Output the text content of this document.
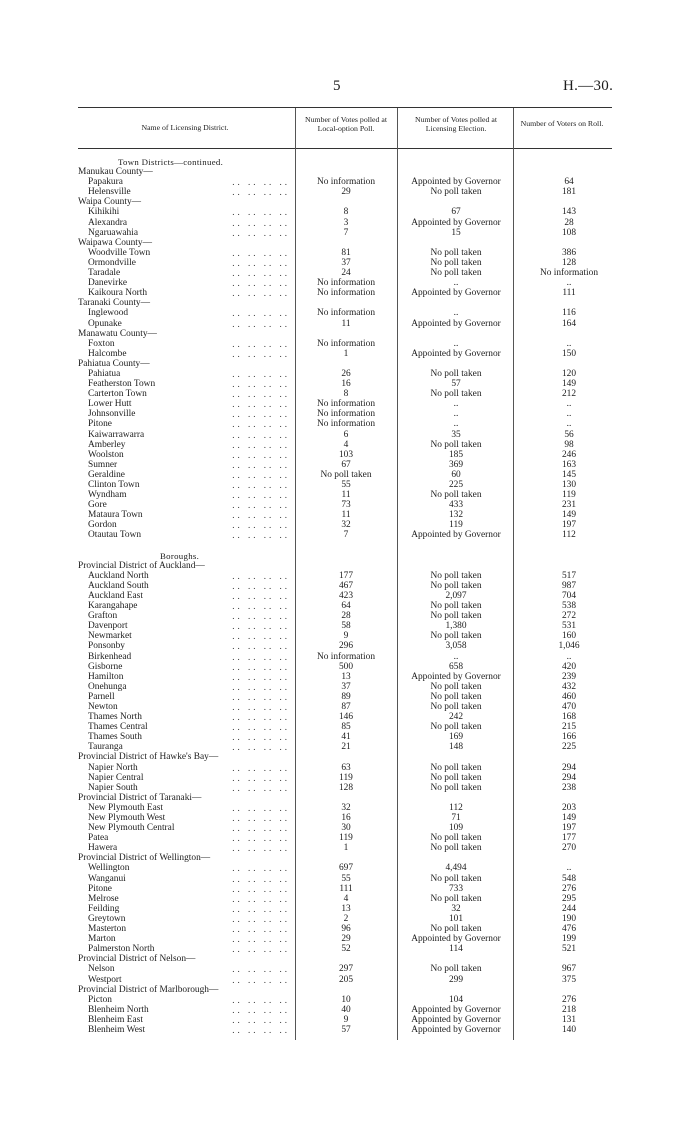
5	H.—30.
Name of Licensing District.
Number of Votes polled at Local-option Poll.
Number of Votes polled at Licensing Election.
Number of Voters on Roll.
Town Districts—continued.
Manukau County—
Papakura	.. .. .. ..	No information	Appointed by Governor	64
Helensville	.. .. .. ..	29	No poll taken	181
Waipa County—
Kihikihi	.. .. .. ..	8	67	143
Alexandra	.. .. .. ..	3	Appointed by Governor	28
Ngaruawahia	.. .. .. ..	7	15	108
Waipawa County—
Woodville Town	.. .. .. ..	81	No poll taken	386
Ormondville	.. .. .. ..	37	No poll taken	128
Taradale	.. .. .. ..	24	No poll taken	No information
Danevirke	.. .. .. ..	No information	..	..
Kaikoura North	.. .. .. ..	No information	Appointed by Governor	111
Taranaki County—
Inglewood	.. .. .. ..	No information	..	116
Opunake	.. .. .. ..	11	Appointed by Governor	164
Manawatu County—
Foxton	.. .. .. ..	No information	..	..
Halcombe	.. .. .. ..	1	Appointed by Governor	150
Pahiatua County—
Pahiatua	.. .. .. ..	26	No poll taken	120
Featherston Town	.. .. .. ..	16	57	149
Carterton Town	.. .. .. ..	8	No poll taken	212
Lower Hutt	.. .. .. ..	No information	..	..
Johnsonville	.. .. .. ..	No information	..	..
Pitone	.. .. .. ..	No information	..	..
Kaiwarrawarra	.. .. .. ..	6	35	56
Amberley	.. .. .. ..	4	No poll taken	98
Woolston	.. .. .. ..	103	185	246
Sumner	.. .. .. ..	67	369	163
Geraldine	.. .. .. ..	No poll taken	60	145
Clinton Town	.. .. .. ..	55	225	130
Wyndham	.. .. .. ..	11	No poll taken	119
Gore	.. .. .. ..	73	433	231
Mataura Town	.. .. .. ..	11	132	149
Gordon	.. .. .. ..	32	119	197
Otautau Town	.. .. .. ..	7	Appointed by Governor	112
Boroughs.
Provincial District of Auckland—
Auckland North	.. .. .. ..	177	No poll taken	517
Auckland South	.. .. .. ..	467	No poll taken	987
Auckland East	.. .. .. ..	423	2,097	704
Karangahape	.. .. .. ..	64	No poll taken	538
Grafton	.. .. .. ..	28	No poll taken	272
Davenport	.. .. .. ..	58	1,380	531
Newmarket	.. .. .. ..	9	No poll taken	160
Ponsonby	.. .. .. ..	296	3,058	1,046
Birkenhead	.. .. .. ..	No information	..	..
Gisborne	.. .. .. ..	500	658	420
Hamilton	.. .. .. ..	13	Appointed by Governor	239
Onehunga	.. .. .. ..	37	No poll taken	432
Parnell	.. .. .. ..	89	No poll taken	460
Newton	.. .. .. ..	87	No poll taken	470
Thames North	.. .. .. ..	146	242	168
Thames Central	.. .. .. ..	85	No poll taken	215
Thames South	.. .. .. ..	41	169	166
Tauranga	.. .. .. ..	21	148	225
Provincial District of Hawke's Bay—
Napier North	.. .. .. ..	63	No poll taken	294
Napier Central	.. .. .. ..	119	No poll taken	294
Napier South	.. .. .. ..	128	No poll taken	238
Provincial District of Taranaki—
New Plymouth East	.. .. .. ..	32	112	203
New Plymouth West	.. .. .. ..	16	71	149
New Plymouth Central	.. .. .. ..	30	109	197
Patea	.. .. .. ..	119	No poll taken	177
Hawera	.. .. .. ..	1	No poll taken	270
Provincial District of Wellington—
Wellington	.. .. .. ..	697	4,494	..
Wanganui	.. .. .. ..	55	No poll taken	548
Pitone	.. .. .. ..	111	733	276
Melrose	.. .. .. ..	4	No poll taken	295
Feilding	.. .. .. ..	13	32	244
Greytown	.. .. .. ..	2	101	190
Masterton	.. .. .. ..	96	No poll taken	476
Marton	.. .. .. ..	29	Appointed by Governor	199
Palmerston North	.. .. .. ..	52	114	521
Provincial District of Nelson—
Nelson	.. .. .. ..	297	No poll taken	967
Westport	.. .. .. ..	205	299	375
Provincial District of Marlborough—
Picton	.. .. .. ..	10	104	276
Blenheim North	.. .. .. ..	40	Appointed by Governor	218
Blenheim East	.. .. .. ..	9	Appointed by Governor	131
Blenheim West	.. .. .. ..	57	Appointed by Governor	140
